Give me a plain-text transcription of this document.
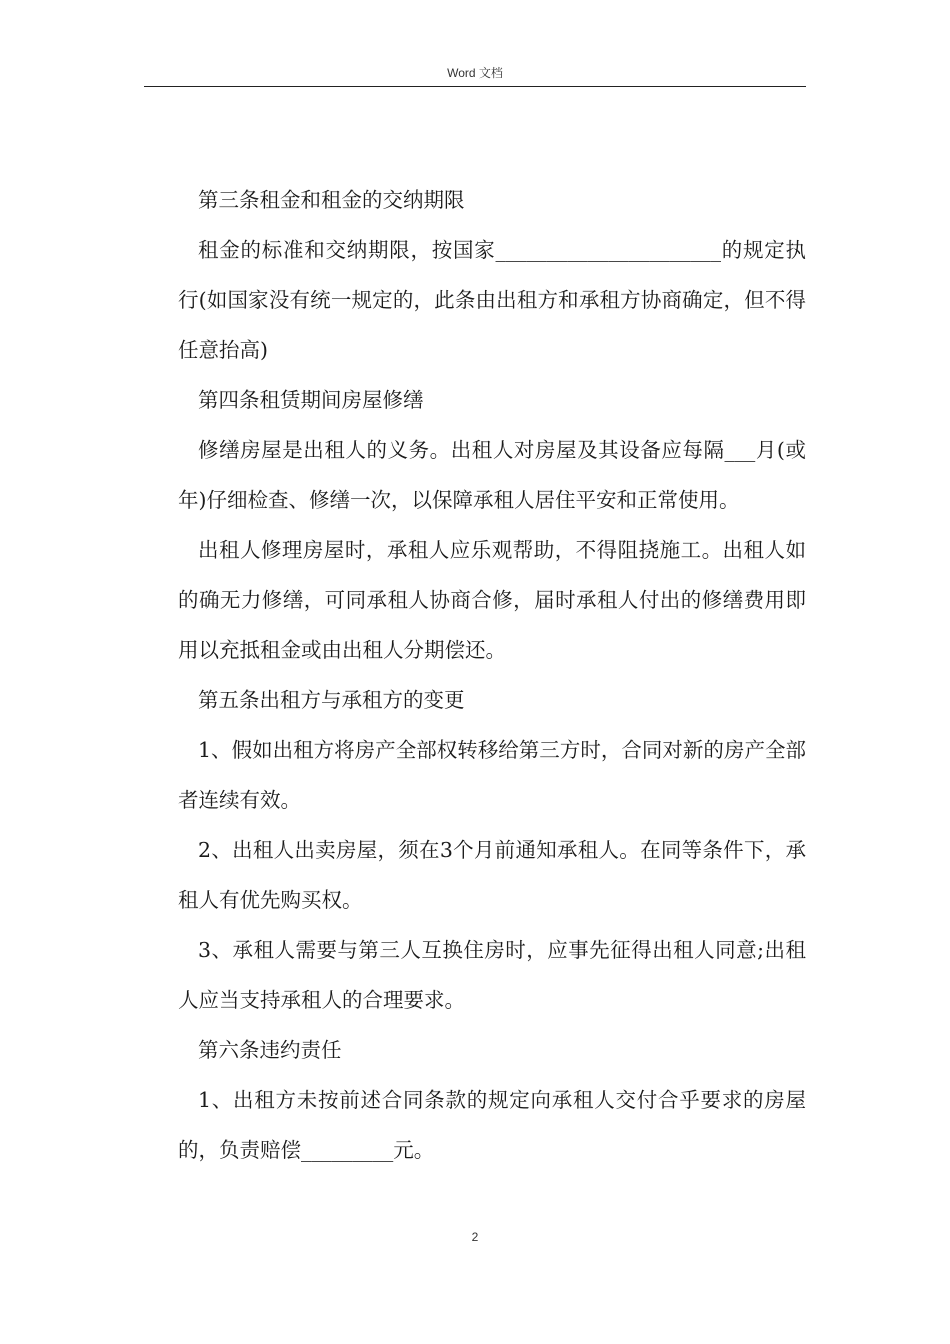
Word 文档

第三条租金和租金的交纳期限

租金的标准和交纳期限，按国家______________________的规定执行(如国家没有统一规定的，此条由出租方和承租方协商确定，但不得任意抬高)

第四条租赁期间房屋修缮

修缮房屋是出租人的义务。出租人对房屋及其设备应每隔___月(或年)仔细检查、修缮一次，以保障承租人居住平安和正常使用。

出租人修理房屋时，承租人应乐观帮助，不得阻挠施工。出租人如的确无力修缮，可同承租人协商合修，届时承租人付出的修缮费用即用以充抵租金或由出租人分期偿还。

第五条出租方与承租方的变更

1、假如出租方将房产全部权转移给第三方时，合同对新的房产全部者连续有效。

2、出租人出卖房屋，须在3个月前通知承租人。在同等条件下，承租人有优先购买权。

3、承租人需要与第三人互换住房时，应事先征得出租人同意;出租人应当支持承租人的合理要求。

第六条违约责任

1、出租方未按前述合同条款的规定向承租人交付合乎要求的房屋的，负责赔偿_________元。

2
